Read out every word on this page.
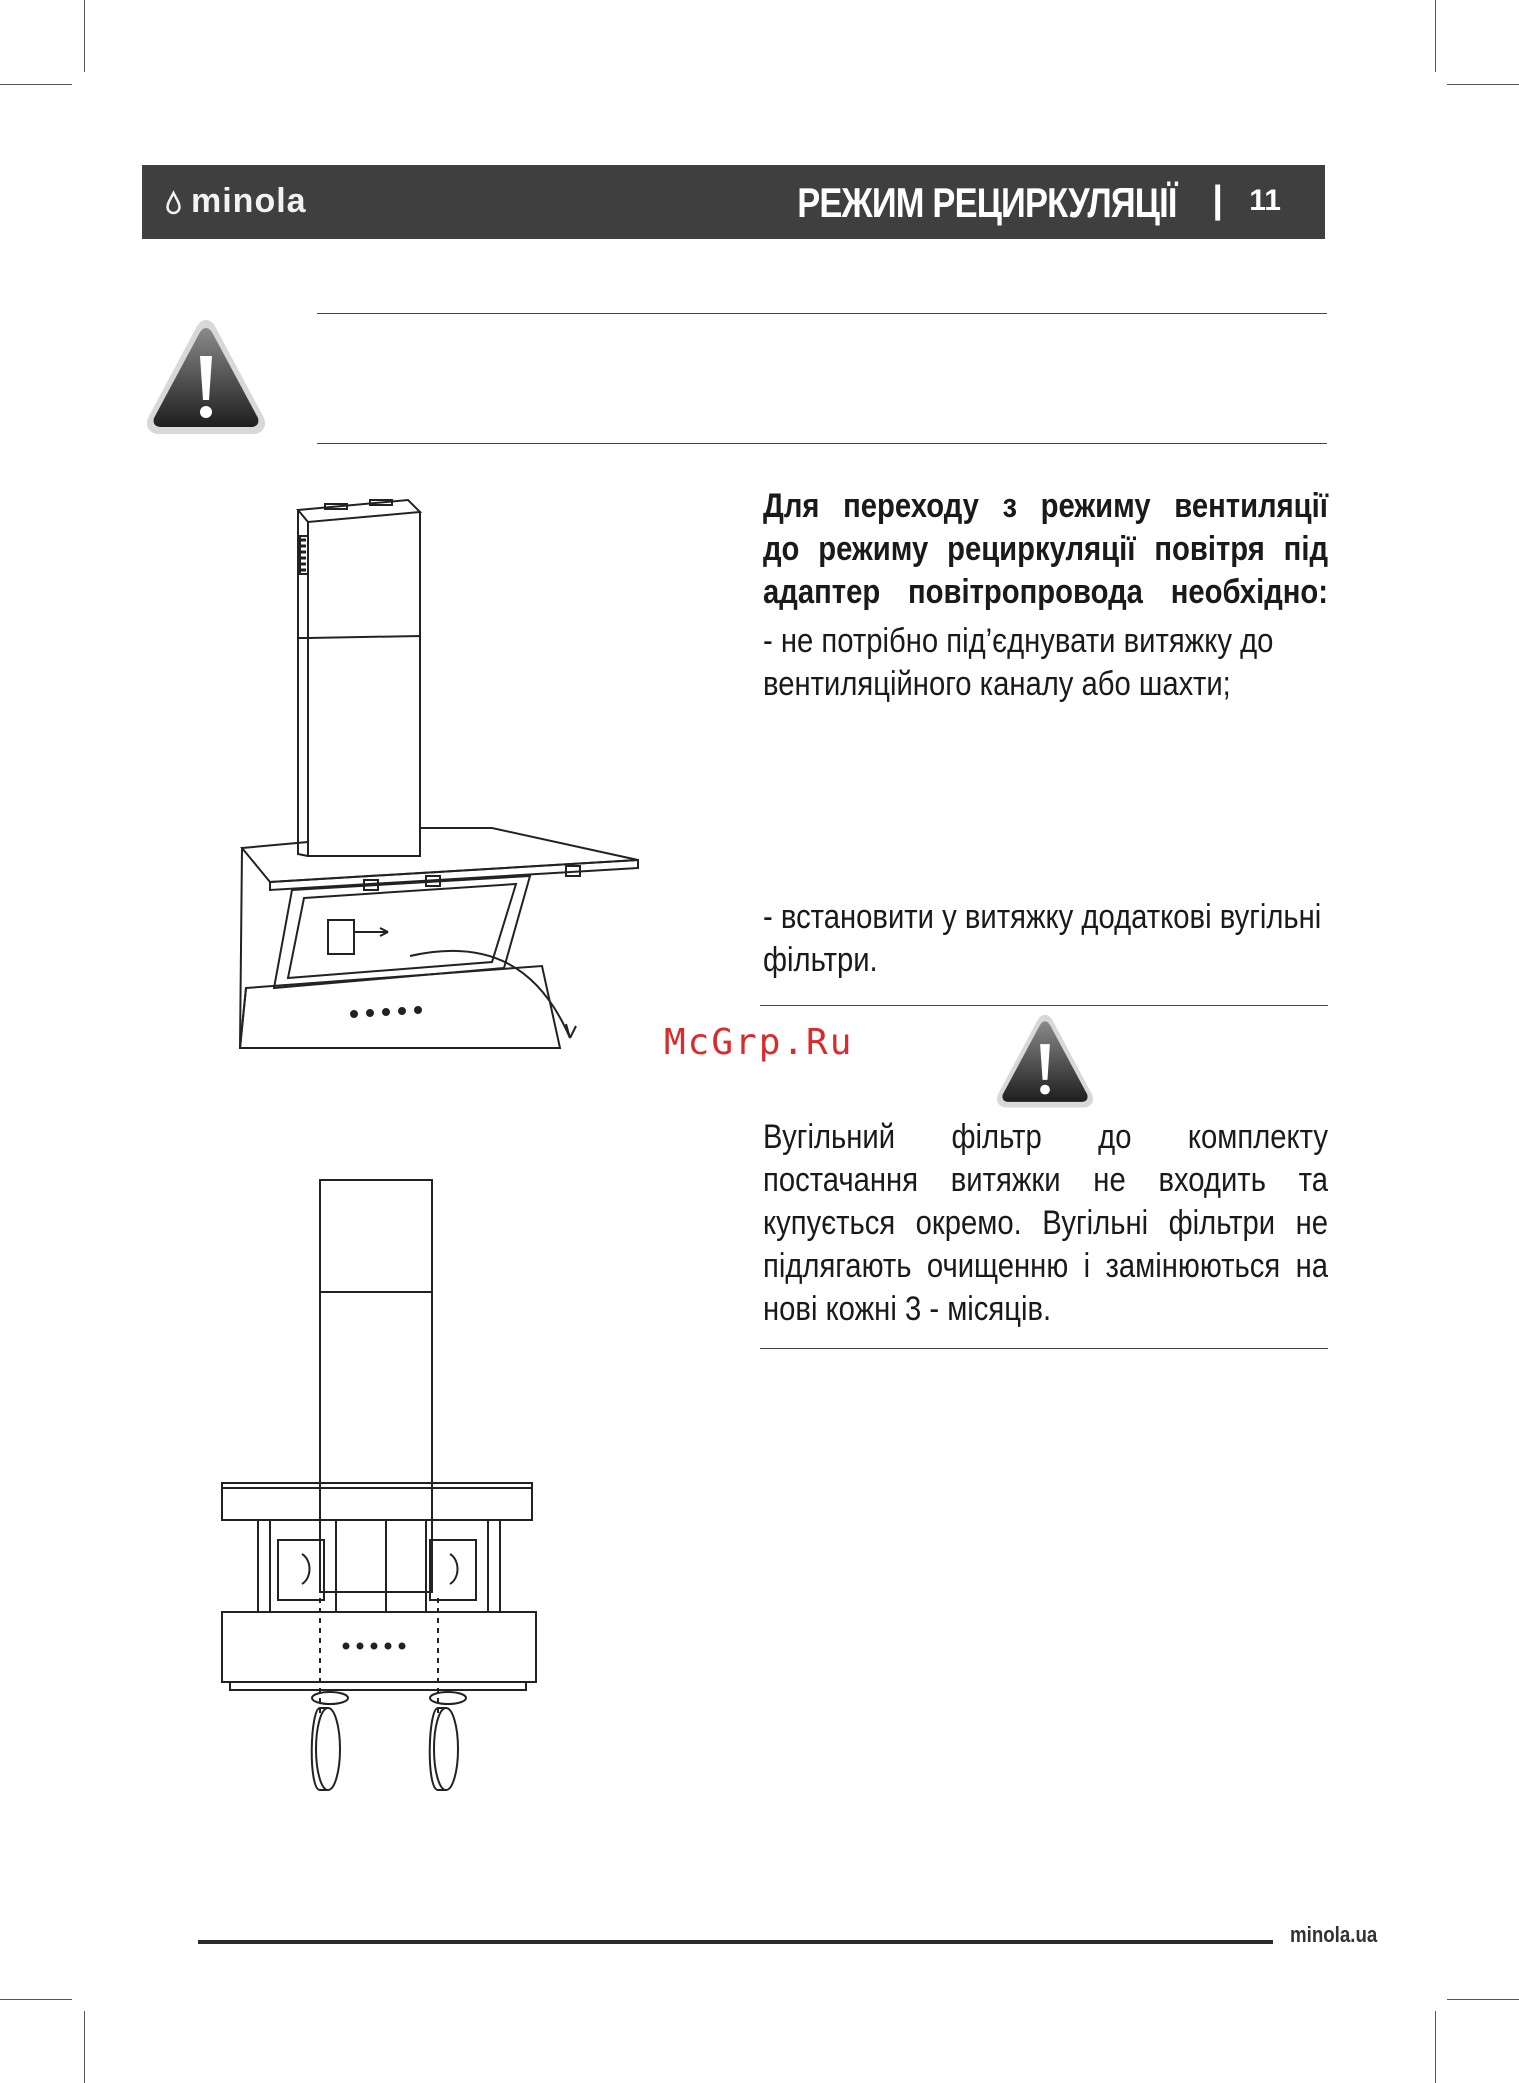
minola	РЕЖИМ РЕЦИРКУЛЯЦІЇ | 11
Для переходу з режиму вентиляції
до режиму рециркуляції повітря під
адаптер повітропровода необхідно:
- не потрібно під’єднувати витяжку до
вентиляційного каналу або шахти;
- встановити у витяжку додаткові вугільні
фільтри.
McGrp.Ru
Вугільний фільтр до комплекту
постачання витяжки не входить та
купується окремо. Вугільні фільтри не
підлягають очищенню і замінюються на
нові кожні 3 - місяців.
minola.ua
